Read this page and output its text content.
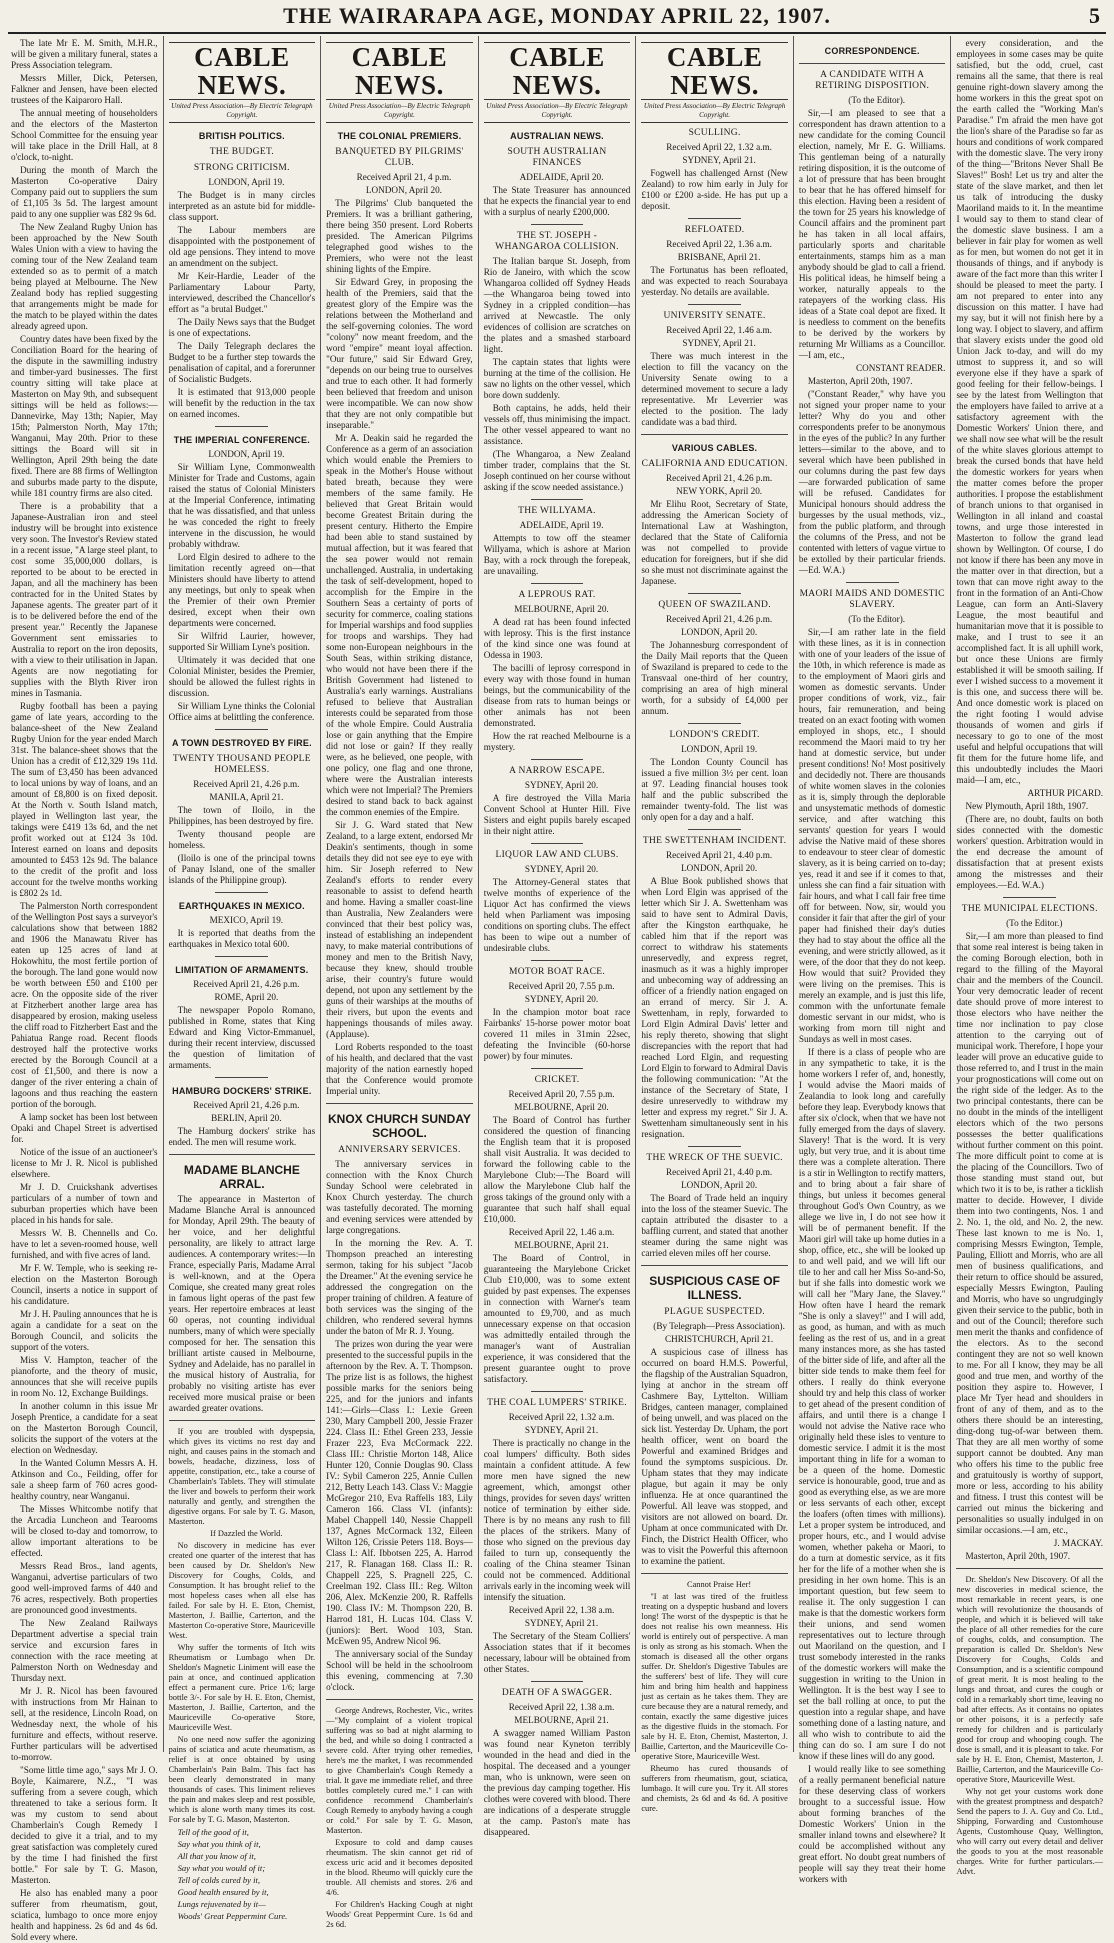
THE WAIRARAPA AGE, MONDAY APRIL 22, 1907.	5

The late Mr E. M. Smith, M.H.R., will be given a military funeral, states a Press Association telegram.

Messrs Miller, Dick, Petersen, Falkner and Jensen, have been elected trustees of the Kaiparoro Hall.

The annual meeting of householders and the electors of the Masterton School Committee for the ensuing year will take place in the Drill Hall, at 8 o'clock, to-night.

During the month of March the Masterton Co-operative Dairy Company paid out to suppliers the sum of £1,105 3s 5d. The largest amount paid to any one supplier was £82 9s 6d.

The New Zealand Rugby Union has been approached by the New South Wales Union with a view to having the coming tour of the New Zealand team extended so as to permit of a match being played at Melbourne. The New Zealand body has replied suggesting that arrangements might be made for the match to be played within the dates already agreed upon.

Country dates have been fixed by the Conciliation Board for the hearing of the dispute in the sawmilling industry and timber-yard businesses. The first country sitting will take place at Masterton on May 9th, and subsequent sittings will be held as follows:— Dannevirke, May 13th; Napier, May 15th; Palmerston North, May 17th; Wanganui, May 20th. Prior to these sittings the Board will sit in Wellington, April 29th being the date fixed. There are 88 firms of Wellington and suburbs made party to the dispute, while 181 country firms are also cited.

There is a probability that a Japanese-Australian iron and steel industry will be brought into existence very soon. The Investor's Review stated in a recent issue, "A large steel plant, to cost some 35,000,000 dollars, is reported to be about to be erected in Japan, and all the machinery has been contracted for in the United States by Japanese agents. The greater part of it is to be delivered before the end of the present year." Recently the Japanese Government sent emissaries to Australia to report on the iron deposits, with a view to their utilisation in Japan. Agents are now negotiating for supplies with the Blyth River iron mines in Tasmania.

Rugby football has been a paying game of late years, according to the balance-sheet of the New Zealand Rugby Union for the year ended March 31st. The balance-sheet shows that the Union has a credit of £12,329 19s 11d. The sum of £3,450 has been advanced to local unions by way of loans, and an amount of £8,800 is on fixed deposit. At the North v. South Island match, played in Wellington last year, the takings were £419 13s 6d, and the net profit worked out at £124 3s 10d. Interest earned on loans and deposits amounted to £453 12s 9d. The balance to the credit of the profit and loss account for the twelve months working is £802 2s 1d.

The Palmerston North correspondent of the Wellington Post says a surveyor's calculations show that between 1882 and 1906 the Manawatu River has eaten up 125 acres of land at Hokowhitu, the most fertile portion of the borough. The land gone would now be worth between £50 and £100 per acre. On the opposite side of the river at Fitzherbert another large area has disappeared by erosion, making useless the cliff road to Fitzherbert East and the Pahiatua Range road. Recent floods destroyed half the protective works erected by the Borough Council at a cost of £1,500, and there is now a danger of the river entering a chain of lagoons and thus reaching the eastern portion of the borough.

A lamp socket has been lost between Opaki and Chapel Street is advertised for.

Notice of the issue of an auctioneer's license to Mr J. R. Nicol is published elsewhere.

Mr J. D. Cruickshank advertises particulars of a number of town and suburban properties which have been placed in his hands for sale.

Messrs W. B. Chennells and Co. have to let a seven-roomed house, well furnished, and with five acres of land.

Mr F. W. Temple, who is seeking re-election on the Masterton Borough Council, inserts a notice in support of his candidature.

Mr J. H. Pauling announces that he is again a candidate for a seat on the Borough Council, and solicits the support of the voters.

Miss V. Hampton, teacher of the pianoforte, and the theory of music, announces that she will receive pupils in room No. 12, Exchange Buildings.

In another column in this issue Mr Joseph Prentice, a candidate for a seat on the Masterton Borough Council, solicits the support of the voters at the election on Wednesday.

In the Wanted Column Messrs A. H. Atkinson and Co., Feilding, offer for sale a sheep farm of 760 acres good-healthy country, near Wanganui.

The Misses Whitcombe notify that the Arcadia Luncheon and Tearooms will be closed to-day and tomorrow, to allow important alterations to be effected.

Messrs Read Bros., land agents, Wanganui, advertise particulars of two good well-improved farms of 440 and 76 acres, respectively. Both properties are pronounced good investments.

The New Zealand Railways Department advertise a special train service and excursion fares in connection with the race meeting at Palmerston North on Wednesday and Thursday next.

Mr J. R. Nicol has been favoured with instructions from Mr Hainan to sell, at the residence, Lincoln Road, on Wednesday next, the whole of his furniture and effects, without reserve. Further particulars will be advertised to-morrow.

"Some little time ago," says Mr J. O. Boyle, Kaimarere, N.Z., "I was suffering from a severe cough, which threatened to take a serious form. It was my custom to send about Chamberlain's Cough Remedy I decided to give it a trial, and to my great satisfaction was completely cured by the time I had finished the first bottle." For sale by T. G. Mason, Masterton.

He also has enabled many a poor sufferer from rheumatism, gout, sciatica, lumbago to once more enjoy health and happiness. 2s 6d and 4s 6d. Sold every where.

CABLE NEWS.
United Press Association—By Electric Telegraph Copyright.
BRITISH POLITICS.
THE BUDGET.
STRONG CRITICISM.

LONDON, April 19.

The Budget is in many circles interpreted as an astute bid for middle-class support.

The Labour members are disappointed with the postponement of old age pensions. They intend to move an amendment on the subject.

Mr Keir-Hardie, Leader of the Parliamentary Labour Party, interviewed, described the Chancellor's effort as "a brutal Budget."

The Daily News says that the Budget is one of expectations.

The Daily Telegraph declares the Budget to be a further step towards the penalisation of capital, and a forerunner of Socialistic Budgets.

It is estimated that 913,000 people will benefit by the reduction in the tax on earned incomes.

THE IMPERIAL CONFERENCE.

LONDON, April 19.

Sir William Lyne, Commonwealth Minister for Trade and Customs, again raised the status of Colonial Ministers at the Imperial Conference, intimating that he was dissatisfied, and that unless he was conceded the right to freely intervene in the discussion, he would probably withdraw.

Lord Elgin desired to adhere to the limitation recently agreed on—that Ministers should have liberty to attend any meetings, but only to speak when the Premier of their own Premier desired, except when their own departments were concerned.

Sir Wilfrid Laurier, however, supported Sir William Lyne's position.

Ultimately it was decided that one Colonial Minister, besides the Premier, should be allowed the fullest rights in discussion.

Sir William Lyne thinks the Colonial Office aims at belittling the conference.

A TOWN DESTROYED BY FIRE.
TWENTY THOUSAND PEOPLE HOMELESS.

Received April 21, 4.26 p.m.

MANILA, April 21.

The town of Iloilo, in the Philippines, has been destroyed by fire.

Twenty thousand people are homeless.

(Iloilo is one of the principal towns of Panay Island, one of the smaller islands of the Philippine group).

EARTHQUAKES IN MEXICO.

MEXICO, April 19.

It is reported that deaths from the earthquakes in Mexico total 600.

LIMITATION OF ARMAMENTS.

Received April 21, 4.26 p.m.

ROME, April 20.

The newspaper Popolo Romano, published in Rome, states that King Edward and King Victor-Emmanuel, during their recent interview, discussed the question of limitation of armaments.

HAMBURG DOCKERS' STRIKE.

Received April 21, 4.26 p.m.

BERLIN, April 20.

The Hamburg dockers' strike has ended. The men will resume work.

MADAME BLANCHE ARRAL.

The appearance in Masterton of Madame Blanche Arral is announced for Monday, April 29th. The beauty of her voice, and her delightful personality, are likely to attract large audiences. A contemporary writes:—In France, especially Paris, Madame Arral is well-known, and at the Opera Comique, she created many great roles in famous light operas of the past few years. Her repertoire embraces at least 60 operas, not counting individual numbers, many of which were specially composed for her. The sensation this brilliant artiste caused in Melbourne, Sydney and Adelaide, has no parallel in the musical history of Australia, for probably no visiting artiste has ever received more musical praise or been awarded greater ovations.

If you are troubled with dyspepsia, which gives its victims no rest day and night, and causes pains in the stomach and bowels, headache, dizziness, loss of appetite, constipation, etc., take a course of Chamberlain's Tablets. They will stimulate the liver and bowels to perform their work naturally and gently, and strengthen the digestive organs. For sale by T. G. Mason, Masterton.

If Dazzled the World.

No discovery in medicine has ever created one quarter of the interest that has been caused by Dr. Sheldon's New Discovery for Coughs, Colds, and Consumption. It has brought relief to the most hopeless cases when all else has failed. For sale by H. E. Eton, Chemist, Masterton, J. Baillie, Carterton, and the Masterton Co-operative Store, Mauriceville West.

Why suffer the torments of Itch wits Rheumatism or Lumbago when Dr. Sheldon's Magnetic Liniment will ease the pain at once, and continued application effect a permanent cure. Price 1/6; large bottle 3/-. For sale by H. E. Eton, Chemist, Masterton, J. Baillie, Carterton, and the Mauriceville Co-operative Store, Mauriceville West.

No one need now suffer the agonizing pains of sciatica and acute rheumatism, as relief is at once obtained by using Chamberlain's Pain Balm. This fact has been clearly demonstrated in many thousands of cases. This liniment relieves the pain and makes sleep and rest possible, which is alone worth many times its cost. For sale by T. G. Mason, Masterton.

Tell of the good of it,

Say what you think of it,

All that you know of it,

Say what you would of it;

Tell of colds cured by it,

Good health ensured by it,

Lungs rejuvenated by it—

Woods' Great Peppermint Cure.

CABLE NEWS.
United Press Association—By Electric Telegraph Copyright.
THE COLONIAL PREMIERS.
BANQUETED BY PILGRIMS' CLUB.

Received April 21, 4 p.m.

LONDON, April 20.

The Pilgrims' Club banqueted the Premiers. It was a brilliant gathering, there being 350 present. Lord Roberts presided. The American Pilgrims telegraphed good wishes to the Premiers, who were not the least shining lights of the Empire.

Sir Edward Grey, in proposing the health of the Premiers, said that the greatest glory of the Empire was the relations between the Motherland and the self-governing colonies. The word "colony" now meant freedom, and the word "empire" meant loyal affection. "Our future," said Sir Edward Grey, "depends on our being true to ourselves and true to each other. It had formerly been believed that freedom and unison were incompatible. We can now show that they are not only compatible but inseparable."

Mr A. Deakin said he regarded the Conference as a germ of an association which would enable the Premiers to speak in the Mother's House without bated breath, because they were members of the same family. He believed that Great Britain would become Greatest Britain during the present century. Hitherto the Empire had been able to stand sustained by mutual affection, but it was feared that the sea power would not remain unchallenged. Australia, in undertaking the task of self-development, hoped to accomplish for the Empire in the Southern Seas a certainty of ports of security for commerce, coaling stations for Imperial warships and food supplies for troops and warships. They had some non-European neighbours in the South Seas, within striking distance, who would not have been there if the British Government had listened to Australia's early warnings. Australians refused to believe that Australian interests could be separated from those of the whole Empire. Could Australia lose or gain anything that the Empire did not lose or gain? If they really were, as he believed, one people, with one policy, one flag and one throne, where were the Australian interests which were not Imperial? The Premiers desired to stand back to back against the common enemies of the Empire.

Sir J. G. Ward stated that New Zealand, to a large extent, endorsed Mr Deakin's sentiments, though in some details they did not see eye to eye with him. Sir Joseph referred to New Zealand's efforts to render every reasonable to assist to defend hearth and home. Having a smaller coast-line than Australia, New Zealanders were convinced that their best policy was, instead of establishing an independent navy, to make material contributions of money and men to the British Navy, because they knew, should trouble arise, their country's future would depend, not upon any settlement by the guns of their warships at the mouths of their rivers, but upon the events and happenings thousands of miles away. (Applause).

Lord Roberts responded to the toast of his health, and declared that the vast majority of the nation earnestly hoped that the Conference would promote Imperial unity.

KNOX CHURCH SUNDAY SCHOOL.
ANNIVERSARY SERVICES.

The anniversary services in connection with the Knox Church Sunday School were celebrated in Knox Church yesterday. The church was tastefully decorated. The morning and evening services were attended by large congregations.

In the morning the Rev. A. T. Thompson preached an interesting sermon, taking for his subject "Jacob the Dreamer." At the evening service he addressed the congregation on the proper training of children. A feature of both services was the singing of the children, who rendered several hymns under the baton of Mr R. J. Young.

The prizes won during the year were presented to the successful pupils in the afternoon by the Rev. A. T. Thompson. The prize list is as follows, the highest possible marks for the seniors being 225, and for the juniors and infants 141:—Girls—Class I.: Lexie Green 230, Mary Campbell 200, Jessie Frazer 224. Class II.: Ethel Green 233, Jessie Frazer 223, Eva McCormack 222. Class III.: Christie Morton 148, Alice Hunter 120, Connie Douglas 90. Class IV.: Sybil Cameron 225, Annie Cullen 212, Betty Leach 143. Class V.: Maggie McGregor 210, Eva Raffells 183, Lily Cameron 166. Class VI. (infants): Mabel Chappell 140, Nessie Chappell 137, Agnes McCormack 132, Eileen Wilton 126, Crissie Peters 118. Boys—Class I.: Alf. Ibbotsen 225, A. Harrod 217, R. Flanagan 168. Class II.: R. Chappell 225, S. Pragnell 225, C. Creelman 192. Class III.: Reg. Wilton 206, Alex. McKenzie 200, R. Raffells 190. Class IV.: M. Thompson 220, B. Harrod 181, H. Lucas 104. Class V. (juniors): Bert. Wood 103, Stan. McEwen 95, Andrew Nicol 96.

The anniversary social of the Sunday School will be held in the schoolroom this evening, commencing at 7.30 o'clock.

George Andrews, Rochester, Vic., writes—"My complaint of a violent tropical suffering was so bad at night alarming to the bed, and while so doing I contracted a severe cold. After trying other remedies, here's me the market, I was recommended to give Chamberlain's Cough Remedy a trial. It gave me immediate relief, and three bottles completely cured me." I can with confidence recommend Chamberlain's Cough Remedy to anybody having a cough or cold." For sale by T. G. Mason, Masterton.

Exposure to cold and damp causes rheumatism. The skin cannot get rid of excess uric acid and it becomes deposited in the blood. Rheumo will quickly cure the trouble. All chemists and stores. 2/6 and 4/6.

For Children's Hacking Cough at night Woods' Great Peppermint Cure. 1s 6d and 2s 6d.

CABLE NEWS.
United Press Association—By Electric Telegraph Copyright.
AUSTRALIAN NEWS.
SOUTH AUSTRALIAN FINANCES

ADELAIDE, April 20.

The State Treasurer has announced that he expects the financial year to end with a surplus of nearly £200,000.

THE ST. JOSEPH - WHANGAROA COLLISION.

The Italian barque St. Joseph, from Rio de Janeiro, with which the scow Whangaroa collided off Sydney Heads —the Whangaroa being towed into Sydney in a crippled condition—has arrived at Newcastle. The only evidences of collision are scratches on the plates and a smashed starboard light.

The captain states that lights were burning at the time of the collision. He saw no lights on the other vessel, which bore down suddenly.

Both captains, he adds, held their vessels off, thus minimising the impact. The other vessel appeared to want no assistance.

(The Whangaroa, a New Zealand timber trader, complains that the St. Joseph continued on her course without asking if the scow needed assistance.)

THE WILLYAMA.

ADELAIDE, April 19.

Attempts to tow off the steamer Willyama, which is ashore at Marion Bay, with a rock through the forepeak, are unavailing.

A LEPROUS RAT.

MELBOURNE, April 20.

A dead rat has been found infected with leprosy. This is the first instance of the kind since one was found at Odessa in 1903.

The bacilli of leprosy correspond in every way with those found in human beings, but the communicability of the disease from rats to human beings or other animals has not been demonstrated.

How the rat reached Melbourne is a mystery.

A NARROW ESCAPE.

SYDNEY, April 20.

A fire destroyed the Villa Maria Convent School at Hunter Hill. Five Sisters and eight pupils barely escaped in their night attire.

LIQUOR LAW AND CLUBS.

SYDNEY, April 20.

The Attorney-General states that twelve months of experience of the Liquor Act has confirmed the views held when Parliament was imposing conditions on sporting clubs. The effect has been to wipe out a number of undesirable clubs.

MOTOR BOAT RACE.

Received April 20, 7.55 p.m.

SYDNEY, April 20.

In the champion motor boat race Fairbanks' 15-horse power motor boat covered 11 miles in 31min 22sec, defeating the Invincible (60-horse power) by four minutes.

CRICKET.

Received April 20, 7.55 p.m.

MELBOURNE, April 20.

The Board of Control has further considered the question of financing the English team that it is proposed shall visit Australia. It was decided to forward the following cable to the Marylebone Club:—The Board will allow the Marylebone Club half the gross takings of the ground only with a guarantee that such half shall equal £10,000.

Received April 22, 1.46 a.m.

MELBOURNE, April 21.

The Board of Control, in guaranteeing the Marylebone Cricket Club £10,000, was to some extent guided by past expenses. The expenses in connection with Warner's team amounted to £9,700, and as much unnecessary expense on that occasion was admittedly entailed through the manager's want of Australian experience, it was considered that the present guarantee ought to prove satisfactory.

THE COAL LUMPERS' STRIKE.

Received April 22, 1.32 a.m.

SYDNEY, April 21.

There is practically no change in the coal lumpers' difficulty. Both sides maintain a confident attitude. A few more men have signed the new agreement, which, amongst other things, provides for seven days' written notice of termination by either side. There is by no means any rush to fill the places of the strikers. Many of those who signed on the previous day failed to turn up, consequently the coaling of the China steamer Tsinan could not be commenced. Additional arrivals early in the incoming week will intensify the situation.

Received April 22, 1.38 a.m.

SYDNEY, April 21.

The Secretary of the Steam Colliers' Association states that if it becomes necessary, labour will be obtained from other States.

DEATH OF A SWAGGER.

Received April 22, 1.38 a.m.

MELBOURNE, April 21.

A swagger named William Paston was found near Kyneton terribly wounded in the head and died in the hospital. The deceased and a younger man, who is unknown, were seen on the previous day camping together. His clothes were covered with blood. There are indications of a desperate struggle at the camp. Paston's mate has disappeared.

CABLE NEWS.
United Press Association—By Electric Telegraph Copyright.
SCULLING.

Received April 22, 1.32 a.m.

SYDNEY, April 21.

Fogwell has challenged Arnst (New Zealand) to row him early in July for £100 or £200 a-side. He has put up a deposit.

REFLOATED.

Received April 22, 1.36 a.m.

BRISBANE, April 21.

The Fortunatus has been refloated, and was expected to reach Sourabaya yesterday. No details are available.

UNIVERSITY SENATE.

Received April 22, 1.46 a.m.

SYDNEY, April 21.

There was much interest in the election to fill the vacancy on the University Senate owing to a determined movement to secure a lady representative. Mr Leverrier was elected to the position. The lady candidate was a bad third.

VARIOUS CABLES.
CALIFORNIA AND EDUCATION.

Received April 21, 4.26 p.m.

NEW YORK, April 20.

Mr Elihu Root, Secretary of State, addressing the American Society of International Law at Washington, declared that the State of California was not compelled to provide education for foreigners, but if she did so she must not discriminate against the Japanese.

QUEEN OF SWAZILAND.

Received April 21, 4.26 p.m.

LONDON, April 20.

The Johannesburg correspondent of the Daily Mail reports that the Queen of Swaziland is prepared to cede to the Transvaal one-third of her country, comprising an area of high mineral worth, for a subsidy of £4,000 per annum.

LONDON'S CREDIT.

LONDON, April 19.

The London County Council has issued a five million 3½ per cent. loan at 97. Leading financial houses took half and the public subscribed the remainder twenty-fold. The list was only open for a day and a half.

THE SWETTENHAM INCIDENT.

Received April 21, 4.40 p.m.

LONDON, April 20.

A Blue Book published shows that when Lord Elgin was apprised of the letter which Sir J. A. Swettenham was said to have sent to Admiral Davis, after the Kingston earthquake, he cabled him that if the report was correct to withdraw his statements unreservedly, and express regret, inasmuch as it was a highly improper and unbecoming way of addressing an officer of a friendly nation engaged on an errand of mercy. Sir J. A. Swettenham, in reply, forwarded to Lord Elgin Admiral Davis' letter and his reply thereto, showing that slight discrepancies with the report that had reached Lord Elgin, and requesting Lord Elgin to forward to Admiral Davis the following communication: "At the instance of the Secretary of State, I desire unreservedly to withdraw my letter and express my regret." Sir J. A. Swettenham simultaneously sent in his resignation.

THE WRECK OF THE SUEVIC.

Received April 21, 4.40 p.m.

LONDON, April 20.

The Board of Trade held an inquiry into the loss of the steamer Suevic. The captain attributed the disaster to a baffling current, and stated that another steamer during the same night was carried eleven miles off her course.

SUSPICIOUS CASE OF ILLNESS.
PLAGUE SUSPECTED.

(By Telegraph—Press Association).

CHRISTCHURCH, April 21.

A suspicious case of illness has occurred on board H.M.S. Powerful, the flagship of the Australian Squadron, lying at anchor in the stream off Cashmere Bay, Lyttelton. William Bridges, canteen manager, complained of being unwell, and was placed on the sick list. Yesterday Dr. Upham, the port health officer, went on board the Powerful and examined Bridges and found the symptoms suspicious. Dr. Upham states that they may indicate plague, but again it may be only influenza. He at once quarantined the Powerful. All leave was stopped, and visitors are not allowed on board. Dr. Upham at once communicated with Dr. Finch, the District Health Officer, who was to visit the Powerful this afternoon to examine the patient.

Cannot Praise Her!

"I at last was tired of the fruitless treating on a dyspeptic husband and lovers long! The worst of the dyspeptic is that he does not realise his own meanness. His world is entirely out of perspective. A man is only as strong as his stomach. When the stomach is diseased all the other organs suffer. Dr. Sheldon's Digestive Tabules are the sufferers' best of life. They will cure him and bring him health and happiness just as certain as he takes them. They are cure because they are a natural remedy, and contain, exactly the same digestive juices as the digestive fluids in the stomach. For sale by H. E. Eton, Chemist, Masterton, J. Baillie, Carterton, and the Mauriceville Co-operative Store, Mauriceville West.

Rheumo has cured thousands of sufferers from rheumatism, gout, sciatica, lumbago. It will cure you. Try it. All stores and chemists, 2s 6d and 4s 6d. A positive cure.

CORRESPONDENCE.
A CANDIDATE WITH A RETIRING DISPOSITION.

(To the Editor).

Sir,—I am pleased to see that a correspondent has drawn attention to a new candidate for the coming Council election, namely, Mr E. G. Williams. This gentleman being of a naturally retiring disposition, it is the outcome of a lot of pressure that has been brought to bear that he has offered himself for this election. Having been a resident of the town for 25 years his knowledge of Council affairs and the prominent part he has taken in all local affairs, particularly sports and charitable entertainments, stamps him as a man anybody should be glad to call a friend. His political ideas, he himself being a worker, naturally appeals to the ratepayers of the working class. His ideas of a State coal depot are fixed. It is needless to comment on the benefits to be derived by the workers by returning Mr Williams as a Councillor.—I am, etc.,

CONSTANT READER.

Masterton, April 20th, 1907.

("Constant Reader," why have you not signed your proper name to your letter? Why do you and other correspondents prefer to be anonymous in the eyes of the public? In any further letters—similar to the above, and to several which have been published in our columns during the past few days—are forwarded publication of same will be refused. Candidates for Municipal honours should address the burgesses by the usual methods, viz., from the public platform, and through the columns of the Press, and not be contented with letters of vague virtue to be extolled by their particular friends.—Ed. W.A.)

MAORI MAIDS AND DOMESTIC SLAVERY.

(To the Editor).

Sir,—I am rather late in the field with these lines, as it is in connection with one of your leaders of the issue of the 10th, in which reference is made as to the employment of Maori girls and women as domestic servants. Under proper conditions of work, viz., fair hours, fair remuneration, and being treated on an exact footing with women employed in shops, etc., I should recommend the Maori maid to try her hand at domestic service, but under present conditions! No! Most positively and decidedly not. There are thousands of white women slaves in the colonies as it is, simply through the deplorable and unsystematic methods of domestic service, and after watching this servants' question for years I would advise the Native maid of these shores to endeavour to steer clear of domestic slavery, as it is being carried on to-day; yes, read it and see if it comes to that, unless she can find a fair situation with fair hours, and what I call fair free time off for between. Now, sir, would you consider it fair that after the girl of your paper had finished their day's duties they had to stay about the office all the evening, and were strictly allowed, as it were, of the door that they do not keep. How would that suit? Provided they were living on the premises. This is merely an example, and is just this life, common with the unfortunate female domestic servant in our midst, who is working from morn till night and Sundays as well in most cases.

If there is a class of people who are in any sympathetic to take, it is the home workers I refer of, and, honestly, I would advise the Maori maids of Zealandia to look long and carefully before they leap. Everybody knows that after six o'clock, when that we have not fully emerged from the days of slavery. Slavery! That is the word. It is very ugly, but very true, and it is about time there was a complete alteration. There is a stir in Wellington to rectify matters, and to bring about a fair share of things, but unless it becomes general throughout God's Own Country, as we allege we live in, I do not see how it will be of permanent benefit. If the Maori girl will take up home duties in a shop, office, etc., she will be looked up to and well paid, and we will lift our tile to her and call her Miss So-and-So, but if she falls into domestic work we will call her "Mary Jane, the Slavey." How often have I heard the remark "She is only a slavey!" and I will add, as good, as human, and with as much feeling as the rest of us, and in a great many instances more, as she has tasted of the bitter side of life, and after all the bitter side tends to make them feel for others. I really do think everyone should try and help this class of worker to get ahead of the present condition of affairs, and until there is a change I would not advise the Native race who originally held these isles to venture to domestic service. I admit it is the most important thing in life for a woman to be a queen of the home. Domestic service is honourable, good, true and as good as everything else, as we are more or less servants of each other, except the loafers (often times with millions). Let a proper system be introduced, and proper hours, etc., and I would advise women, whether pakeha or Maori, to do a turn at domestic service, as it fits her for the life of a mother when she is presiding in her own home. This is an important question, but few seem to realise it. The only suggestion I can make is that the domestic workers form their unions, and send women representatives out to lecture through out Maoriland on the question, and I trust somebody interested in the ranks of the domestic workers will make the suggestion in writing to the Union in Wellington. It is the best way I see to set the ball rolling at once, to put the question into a regular shape, and have something done of a lasting nature, and all who wish to contribute to aid the thing can do so. I am sure I do not know if these lines will do any good.

I would really like to see something of a really permanent beneficial nature for these deserving class of workers brought to a successful issue. How about forming branches of the Domestic Workers' Union in the smaller inland towns and elsewhere? It could be accomplished without any great effort. No doubt great numbers of people will say they treat their home workers with

every consideration, and the employees in some cases may be quite satisfied, but the odd, cruel, cast remains all the same, that there is real genuine right-down slavery among the home workers in this the great spot on the earth called the "Working Man's Paradise." I'm afraid the men have got the lion's share of the Paradise so far as hours and conditions of work compared with the domestic slave. The very irony of the thing—"Britons Never Shall Be Slaves!" Bosh! Let us try and alter the state of the slave market, and then let us talk of introducing the dusky Maoriland maids to it. In the meantime I would say to them to stand clear of the domestic slave business. I am a believer in fair play for women as well as for men, but women do not get it in thousands of things, and if anybody is aware of the fact more than this writer I should be pleased to meet the party. I am not prepared to enter into any discussion on this matter. I have had my say, but it will not finish here by a long way. I object to slavery, and affirm that slavery exists under the good old Union Jack to-day, and will do my utmost to suppress it, and so will everyone else if they have a spark of good feeling for their fellow-beings. I see by the latest from Wellington that the employers have failed to arrive at a satisfactory agreement with the Domestic Workers' Union there, and we shall now see what will be the result of the white slaves glorious attempt to break the cursed bonds that have held the domestic workers for years when the matter comes before the proper authorities. I propose the establishment of branch unions to that organised in Wellington in all inland and coastal towns, and urge those interested in Masterton to follow the grand lead shown by Wellington. Of course, I do not know if there has been any move in the matter over in that direction, but a town that can move right away to the front in the formation of an Anti-Chow League, can form an Anti-Slavery League, the most beautiful and humanitarian move that it is possible to make, and I trust to see it an accomplished fact. It is all uphill work, but once these Unions are firmly established it will be smooth sailing. If ever I wished success to a movement it is this one, and success there will be. And once domestic work is placed on the right footing I would advise thousands of women and girls if necessary to go to one of the most useful and helpful occupations that will fit them for the future home life, and this undoubtedly includes the Maori maid—I am, etc.,

ARTHUR PICARD.

New Plymouth, April 18th, 1907.

(There are, no doubt, faults on both sides connected with the domestic workers' question. Arbitration would in the end decrease the amount of dissatisfaction that at present exists among the mistresses and their employees.—Ed. W.A.)

THE MUNICIPAL ELECTIONS.

(To the Editor.)

Sir,—I am more than pleased to find that some real interest is being taken in the coming Borough election, both in regard to the filling of the Mayoral chair and the members of the Council. Your very democratic leader of recent date should prove of more interest to those electors who have neither the time nor inclination to pay close attention to the carrying out of municipal work. Therefore, I hope your leader will prove an educative guide to those referred to, and I trust in the main your prognostications will come out on the right side of the ledger. As to the two principal contestants, there can be no doubt in the minds of the intelligent electors which of the two persons possesses the better qualifications without further comment on this point. The more difficult point to come at is the placing of the Councillors. Two of those standing must stand out, but which two it is to be, is rather a ticklish matter to decide. However, I divide them into two contingents, Nos. 1 and 2. No. 1, the old, and No. 2, the new. These last known to me is No. 1, comprising Messrs Ewington, Temple, Pauling, Elliott and Morris, who are all men of business qualifications, and their return to office should be assured, especially Messrs Ewington, Pauling and Morris, who have so ungrudgingly given their service to the public, both in and out of the Council; therefore such men merit the thanks and confidence of the electors. As to the second contingent they are not so well known to me. For all I know, they may be all good and true men, and worthy of the position they aspire to. However, I place Mr Tyer head and shoulders in front of any of them, and as to the others there should be an interesting, ding-dong tug-of-war between them. That they are all men worthy of some support cannot be doubted. Any man who offers his time to the public free and gratuitously is worthy of support, more or less, according to his ability and fitness. I trust this contest will be carried out minus the bickering and personalities so usually indulged in on similar occasions.—I am, etc.,

J. MACKAY.

Masterton, April 20th, 1907.

Dr. Sheldon's New Discovery. Of all the new discoveries in medical science, the most remarkable in recent years, is one which will revolutionize the thousands of people, and which it is believed will take the place of all other remedies for the cure of coughs, colds, and consumption. The preparation is called Dr. Sheldon's New Discovery for Coughs, Colds and Consumption, and is a scientific compound of great merit. It is most healing to the lungs and throat, and cures the cough or cold in a remarkably short time, leaving no bad after effects. As it contains no opiates or other poisons, it is a perfectly safe remedy for children and is particularly good for croup and whooping cough. The dose is small, and it is pleasant to take. For sale by H. E. Eton, Chemist, Masterton, J. Baillie, Carterton, and the Mauriceville Co-operative Store, Mauriceville West.

Why not get your customs work done with the greatest promptness and despatch? Send the papers to J. A. Guy and Co. Ltd., Shipping, Forwarding and Customhouse Agents, Customhouse Quay, Wellington, who will carry out every detail and deliver the goods to you at the most reasonable charges. Write for further particulars.—Advt.
